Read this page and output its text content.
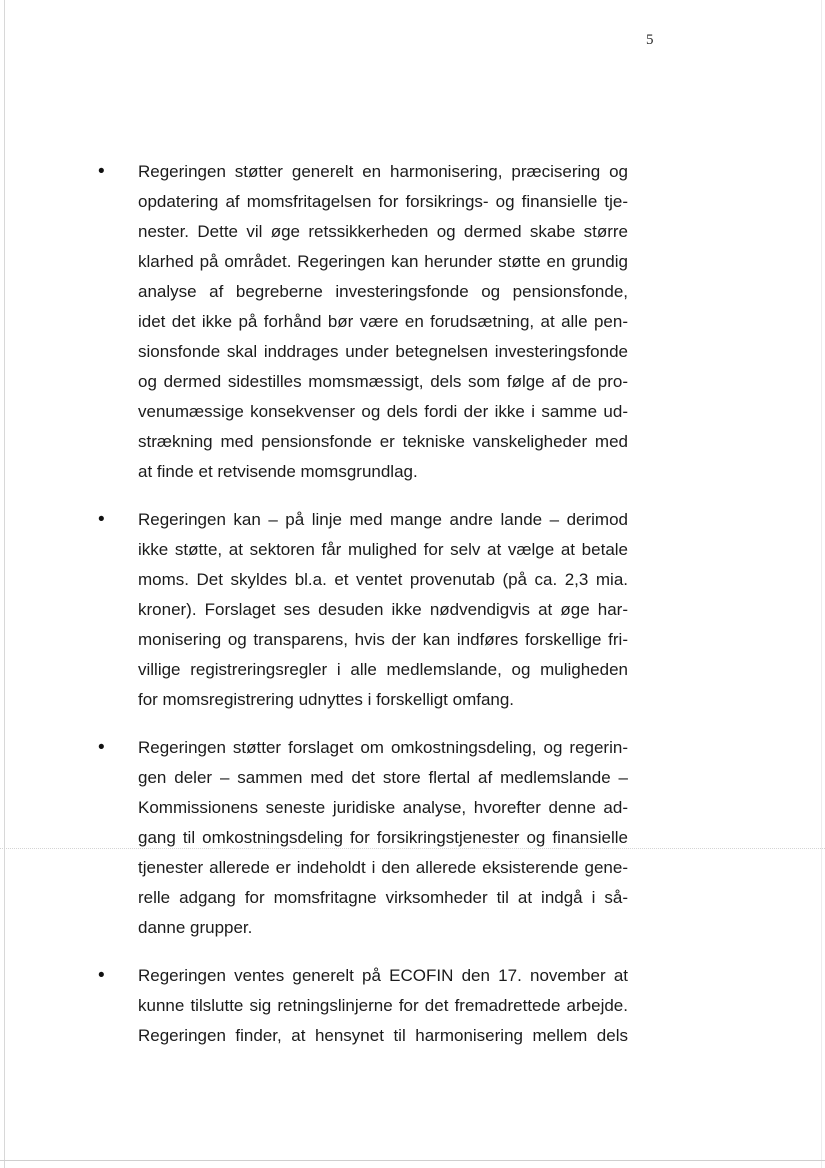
5
• Regeringen støtter generelt en harmonisering, præcisering og
opdatering af momsfritagelsen for forsikrings- og finansielle tje-
nester. Dette vil øge retssikkerheden og dermed skabe større
klarhed på området. Regeringen kan herunder støtte en grundig
analyse af begreberne investeringsfonde og pensionsfonde,
idet det ikke på forhånd bør være en forudsætning, at alle pen-
sionsfonde skal inddrages under betegnelsen investeringsfonde
og dermed sidestilles momsmæssigt, dels som følge af de pro-
venumæssige konsekvenser og dels fordi der ikke i samme ud-
strækning med pensionsfonde er tekniske vanskeligheder med
at finde et retvisende momsgrundlag.
• Regeringen kan – på linje med mange andre lande – derimod
ikke støtte, at sektoren får mulighed for selv at vælge at betale
moms. Det skyldes bl.a. et ventet provenutab (på ca. 2,3 mia.
kroner). Forslaget ses desuden ikke nødvendigvis at øge har-
monisering og transparens, hvis der kan indføres forskellige fri-
villige registreringsregler i alle medlemslande, og muligheden
for momsregistrering udnyttes i forskelligt omfang.
• Regeringen støtter forslaget om omkostningsdeling, og regerin-
gen deler – sammen med det store flertal af medlemslande –
Kommissionens seneste juridiske analyse, hvorefter denne ad-
gang til omkostningsdeling for forsikringstjenester og finansielle
tjenester allerede er indeholdt i den allerede eksisterende gene-
relle adgang for momsfritagne virksomheder til at indgå i så-
danne grupper.
• Regeringen ventes generelt på ECOFIN den 17. november at
kunne tilslutte sig retningslinjerne for det fremadrettede arbejde.
Regeringen finder, at hensynet til harmonisering mellem dels
